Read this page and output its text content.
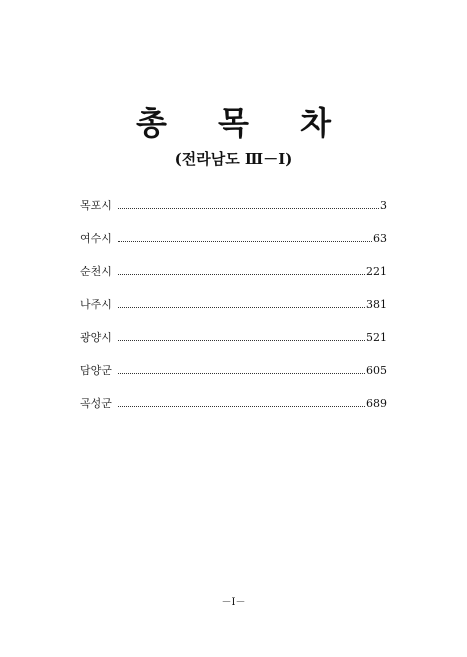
총 목 차
(전라남도 Ⅲ－Ⅰ)
목포시	3
여수시	63
순천시	221
나주시	381
광양시	521
담양군	605
곡성군	689
－Ⅰ－
